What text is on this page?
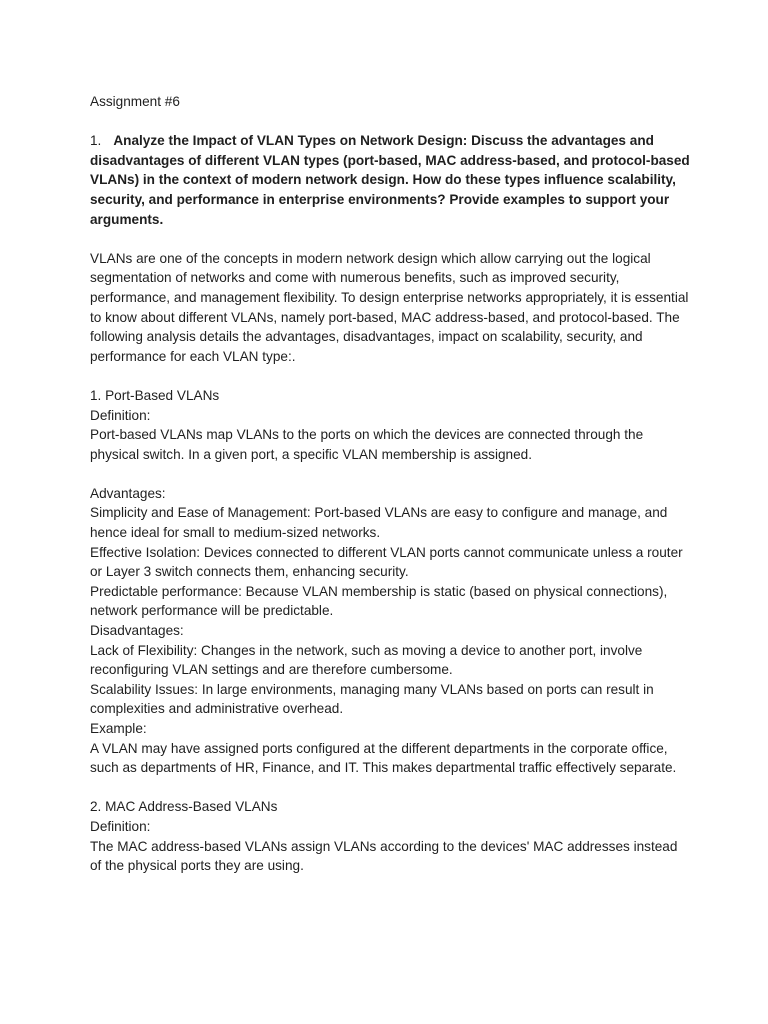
Assignment #6

1. Analyze the Impact of VLAN Types on Network Design: Discuss the advantages and disadvantages of different VLAN types (port-based, MAC address-based, and protocol-based VLANs) in the context of modern network design. How do these types influence scalability, security, and performance in enterprise environments? Provide examples to support your arguments.

VLANs are one of the concepts in modern network design which allow carrying out the logical segmentation of networks and come with numerous benefits, such as improved security, performance, and management flexibility. To design enterprise networks appropriately, it is essential to know about different VLANs, namely port-based, MAC address-based, and protocol-based. The following analysis details the advantages, disadvantages, impact on scalability, security, and performance for each VLAN type:.

1. Port-Based VLANs
Definition:
Port-based VLANs map VLANs to the ports on which the devices are connected through the physical switch. In a given port, a specific VLAN membership is assigned.
Advantages:
Simplicity and Ease of Management: Port-based VLANs are easy to configure and manage, and hence ideal for small to medium-sized networks.
Effective Isolation: Devices connected to different VLAN ports cannot communicate unless a router or Layer 3 switch connects them, enhancing security.
Predictable performance: Because VLAN membership is static (based on physical connections), network performance will be predictable.
Disadvantages:
Lack of Flexibility: Changes in the network, such as moving a device to another port, involve reconfiguring VLAN settings and are therefore cumbersome.
Scalability Issues: In large environments, managing many VLANs based on ports can result in complexities and administrative overhead.
Example:
A VLAN may have assigned ports configured at the different departments in the corporate office, such as departments of HR, Finance, and IT. This makes departmental traffic effectively separate.
2. MAC Address-Based VLANs
Definition:
The MAC address-based VLANs assign VLANs according to the devices' MAC addresses instead of the physical ports they are using.
